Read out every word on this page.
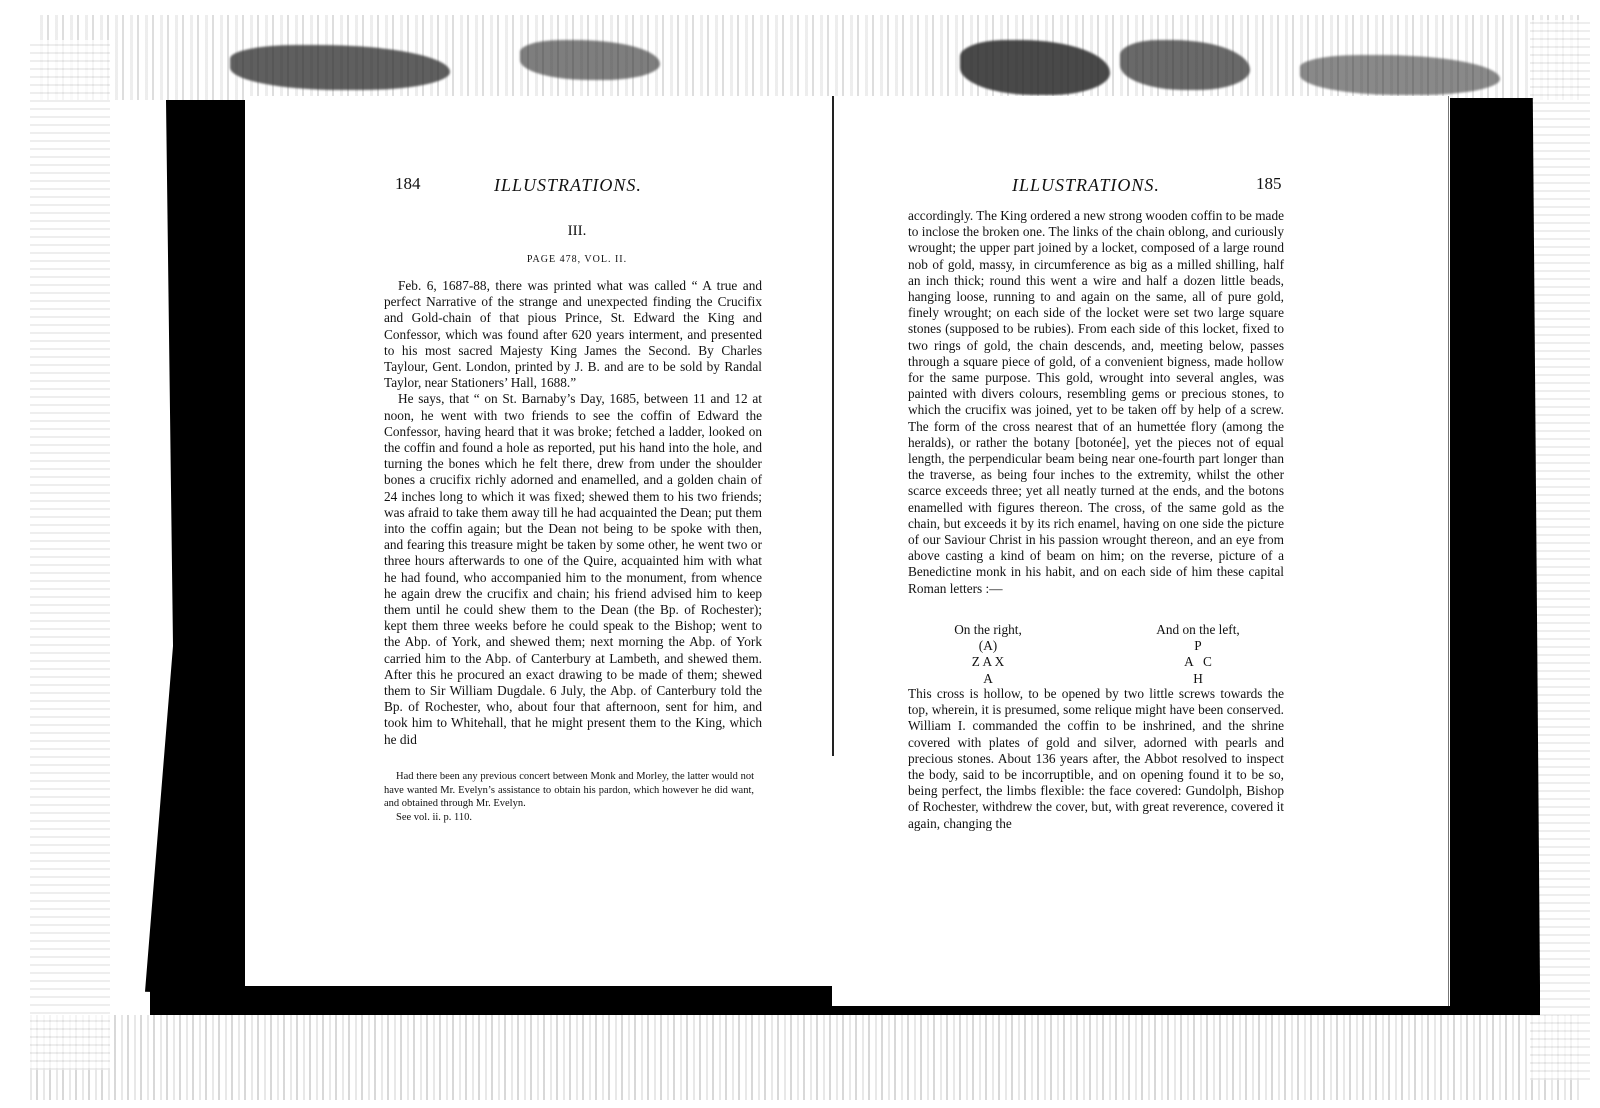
184	ILLUSTRATIONS.
III.
PAGE 478, VOL. II.

Feb. 6, 1687-88, there was printed what was called “ A true and perfect Narrative of the strange and unexpected finding the Crucifix and Gold-chain of that pious Prince, St. Edward the King and Confessor, which was found after 620 years interment, and presented to his most sacred Majesty King James the Second. By Charles Taylour, Gent. London, printed by J. B. and are to be sold by Randal Taylor, near Stationers’ Hall, 1688.”

He says, that “ on St. Barnaby’s Day, 1685, between 11 and 12 at noon, he went with two friends to see the coffin of Edward the Confessor, having heard that it was broke; fetched a ladder, looked on the coffin and found a hole as reported, put his hand into the hole, and turning the bones which he felt there, drew from under the shoulder bones a crucifix richly adorned and enamelled, and a golden chain of 24 inches long to which it was fixed; shewed them to his two friends; was afraid to take them away till he had acquainted the Dean; put them into the coffin again; but the Dean not being to be spoke with then, and fearing this treasure might be taken by some other, he went two or three hours afterwards to one of the Quire, acquainted him with what he had found, who accompanied him to the monument, from whence he again drew the crucifix and chain; his friend advised him to keep them until he could shew them to the Dean (the Bp. of Rochester); kept them three weeks before he could speak to the Bishop; went to the Abp. of York, and shewed them; next morning the Abp. of York carried him to the Abp. of Canterbury at Lambeth, and shewed them. After this he procured an exact drawing to be made of them; shewed them to Sir William Dugdale. 6 July, the Abp. of Canterbury told the Bp. of Rochester, who, about four that afternoon, sent for him, and took him to Whitehall, that he might present them to the King, which he did

Had there been any previous concert between Monk and Morley, the latter would not have wanted Mr. Evelyn’s assistance to obtain his pardon, which however he did want, and obtained through Mr. Evelyn.

See vol. ii. p. 110.

ILLUSTRATIONS.	185

accordingly. The King ordered a new strong wooden coffin to be made to inclose the broken one. The links of the chain oblong, and curiously wrought; the upper part joined by a locket, composed of a large round nob of gold, massy, in circumference as big as a milled shilling, half an inch thick; round this went a wire and half a dozen little beads, hanging loose, running to and again on the same, all of pure gold, finely wrought; on each side of the locket were set two large square stones (supposed to be rubies). From each side of this locket, fixed to two rings of gold, the chain descends, and, meeting below, passes through a square piece of gold, of a convenient bigness, made hollow for the same purpose. This gold, wrought into several angles, was painted with divers colours, resembling gems or precious stones, to which the crucifix was joined, yet to be taken off by help of a screw. The form of the cross nearest that of an humettée flory (among the heralds), or rather the botany [botonée], yet the pieces not of equal length, the perpendicular beam being near one-fourth part longer than the traverse, as being four inches to the extremity, whilst the other scarce exceeds three; yet all neatly turned at the ends, and the botons enamelled with figures thereon. The cross, of the same gold as the chain, but exceeds it by its rich enamel, having on one side the picture of our Saviour Christ in his passion wrought thereon, and an eye from above casting a kind of beam on him; on the reverse, picture of a Benedictine monk in his habit, and on each side of him these capital Roman letters :—

On the right,
(A)
Z A X
A
And on the left,
P
A   C
H

This cross is hollow, to be opened by two little screws towards the top, wherein, it is presumed, some relique might have been conserved. William I. commanded the coffin to be inshrined, and the shrine covered with plates of gold and silver, adorned with pearls and precious stones. About 136 years after, the Abbot resolved to inspect the body, said to be incorruptible, and on opening found it to be so, being perfect, the limbs flexible: the face covered: Gundolph, Bishop of Rochester, withdrew the cover, but, with great reverence, covered it again, changing the
